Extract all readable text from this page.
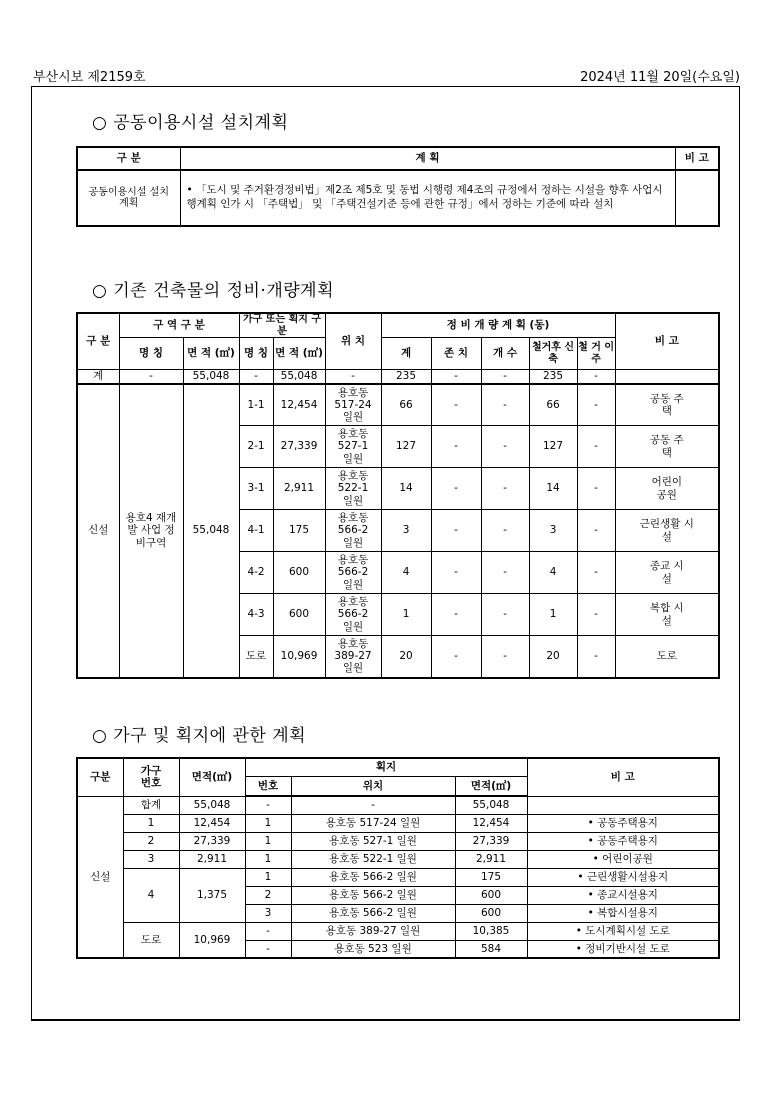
부산시보 제2159호	2024년 11월 20일(수요일)
○ 공동이용시설 설치계획
구 분	계 획	비 고
공동이용시설 설치계획	• 「도시 및 주거환경정비법」제2조 제5호 및 동법 시행령 제4조의 규정에서 정하는 시설을 향후 사업시행계획 인가 시 「주택법」 및 「주택건설기준 등에 관한 규정」에서 정하는 기준에 따라 설치	
○ 기존 건축물의 정비·개량계획
구 분	구 역 구 분		가구 또는 획지 구분		위 치	정 비 개 량 계 획 (동)					비 고
	명 칭	면 적 (㎡)	명 칭	면 적 (㎡)		계	존 치	개 수	철거후 신 축	철 거 이 주	
계	-	55,048	-	55,048	-	235	-	-	235	-	
신설	용호4 재개발 사업 정비구역	55,048	1-1	12,454	용호동 517-24 일원	66	-	-	66	-	공동 주택
			2-1	27,339	용호동 527-1 일원	127	-	-	127	-	공동 주택
			3-1	2,911	용호동 522-1 일원	14	-	-	14	-	어린이 공원
			4-1	175	용호동 566-2 일원	3	-	-	3	-	근린생활 시설
			4-2	600	용호동 566-2 일원	4	-	-	4	-	종교 시설
			4-3	600	용호동 566-2 일원	1	-	-	1	-	복합 시설
			도로	10,969	용호동 389-27 일원	20	-	-	20	-	도로
○ 가구 및 획지에 관한 계획
구분	가구 번호	면적(㎡)	획지			비 고
			번호	위치	면적(㎡)	
신설	합계	55,048	-	-	55,048	
	1	12,454	1	용호동 517-24 일원	12,454	• 공동주택용지
	2	27,339	1	용호동 527-1 일원	27,339	• 공동주택용지
	3	2,911	1	용호동 522-1 일원	2,911	• 어린이공원
	4	1,375	1	용호동 566-2 일원	175	• 근린생활시설용지
			2	용호동 566-2 일원	600	• 종교시설용지
			3	용호동 566-2 일원	600	• 복합시설용지
	도로	10,969	-	용호동 389-27 일원	10,385	• 도시계획시설 도로
			-	용호동 523 일원	584	• 정비기반시설 도로
